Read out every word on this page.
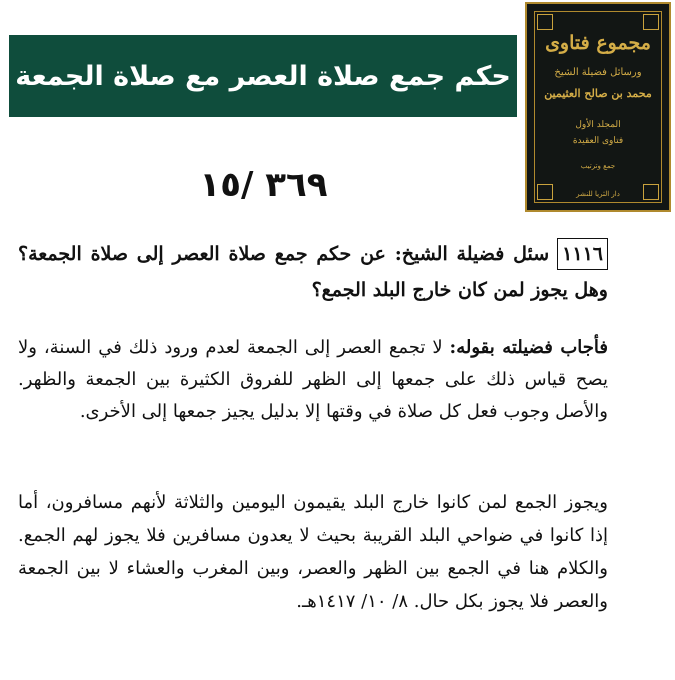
حكم جمع صلاة العصر مع صلاة الجمعة
مجموع فتاوى
ورسائل فضيلة الشيخ
محمد بن صالح العثيمين
المجلد الأول
فتاوى العقيدة
جمع وترتيب
دار الثريا للنشر
٣٦٩ /١٥
١١١٦سئل فضيلة الشيخ: عن حكم جمع صلاة العصر إلى صلاة الجمعة؟ وهل يجوز لمن كان خارج البلد الجمع؟
فأجاب فضيلته بقوله: لا تجمع العصر إلى الجمعة لعدم ورود ذلك في السنة، ولا يصح قياس ذلك على جمعها إلى الظهر للفروق الكثيرة بين الجمعة والظهر. والأصل وجوب فعل كل صلاة في وقتها إلا بدليل يجيز جمعها إلى الأخرى.
ويجوز الجمع لمن كانوا خارج البلد يقيمون اليومين والثلاثة لأنهم مسافرون، أما إذا كانوا في ضواحي البلد القريبة بحيث لا يعدون مسافرين فلا يجوز لهم الجمع. والكلام هنا في الجمع بين الظهر والعصر، وبين المغرب والعشاء لا بين الجمعة والعصر فلا يجوز بكل حال. ٨/ ١٠/ ١٤١٧هـ.
